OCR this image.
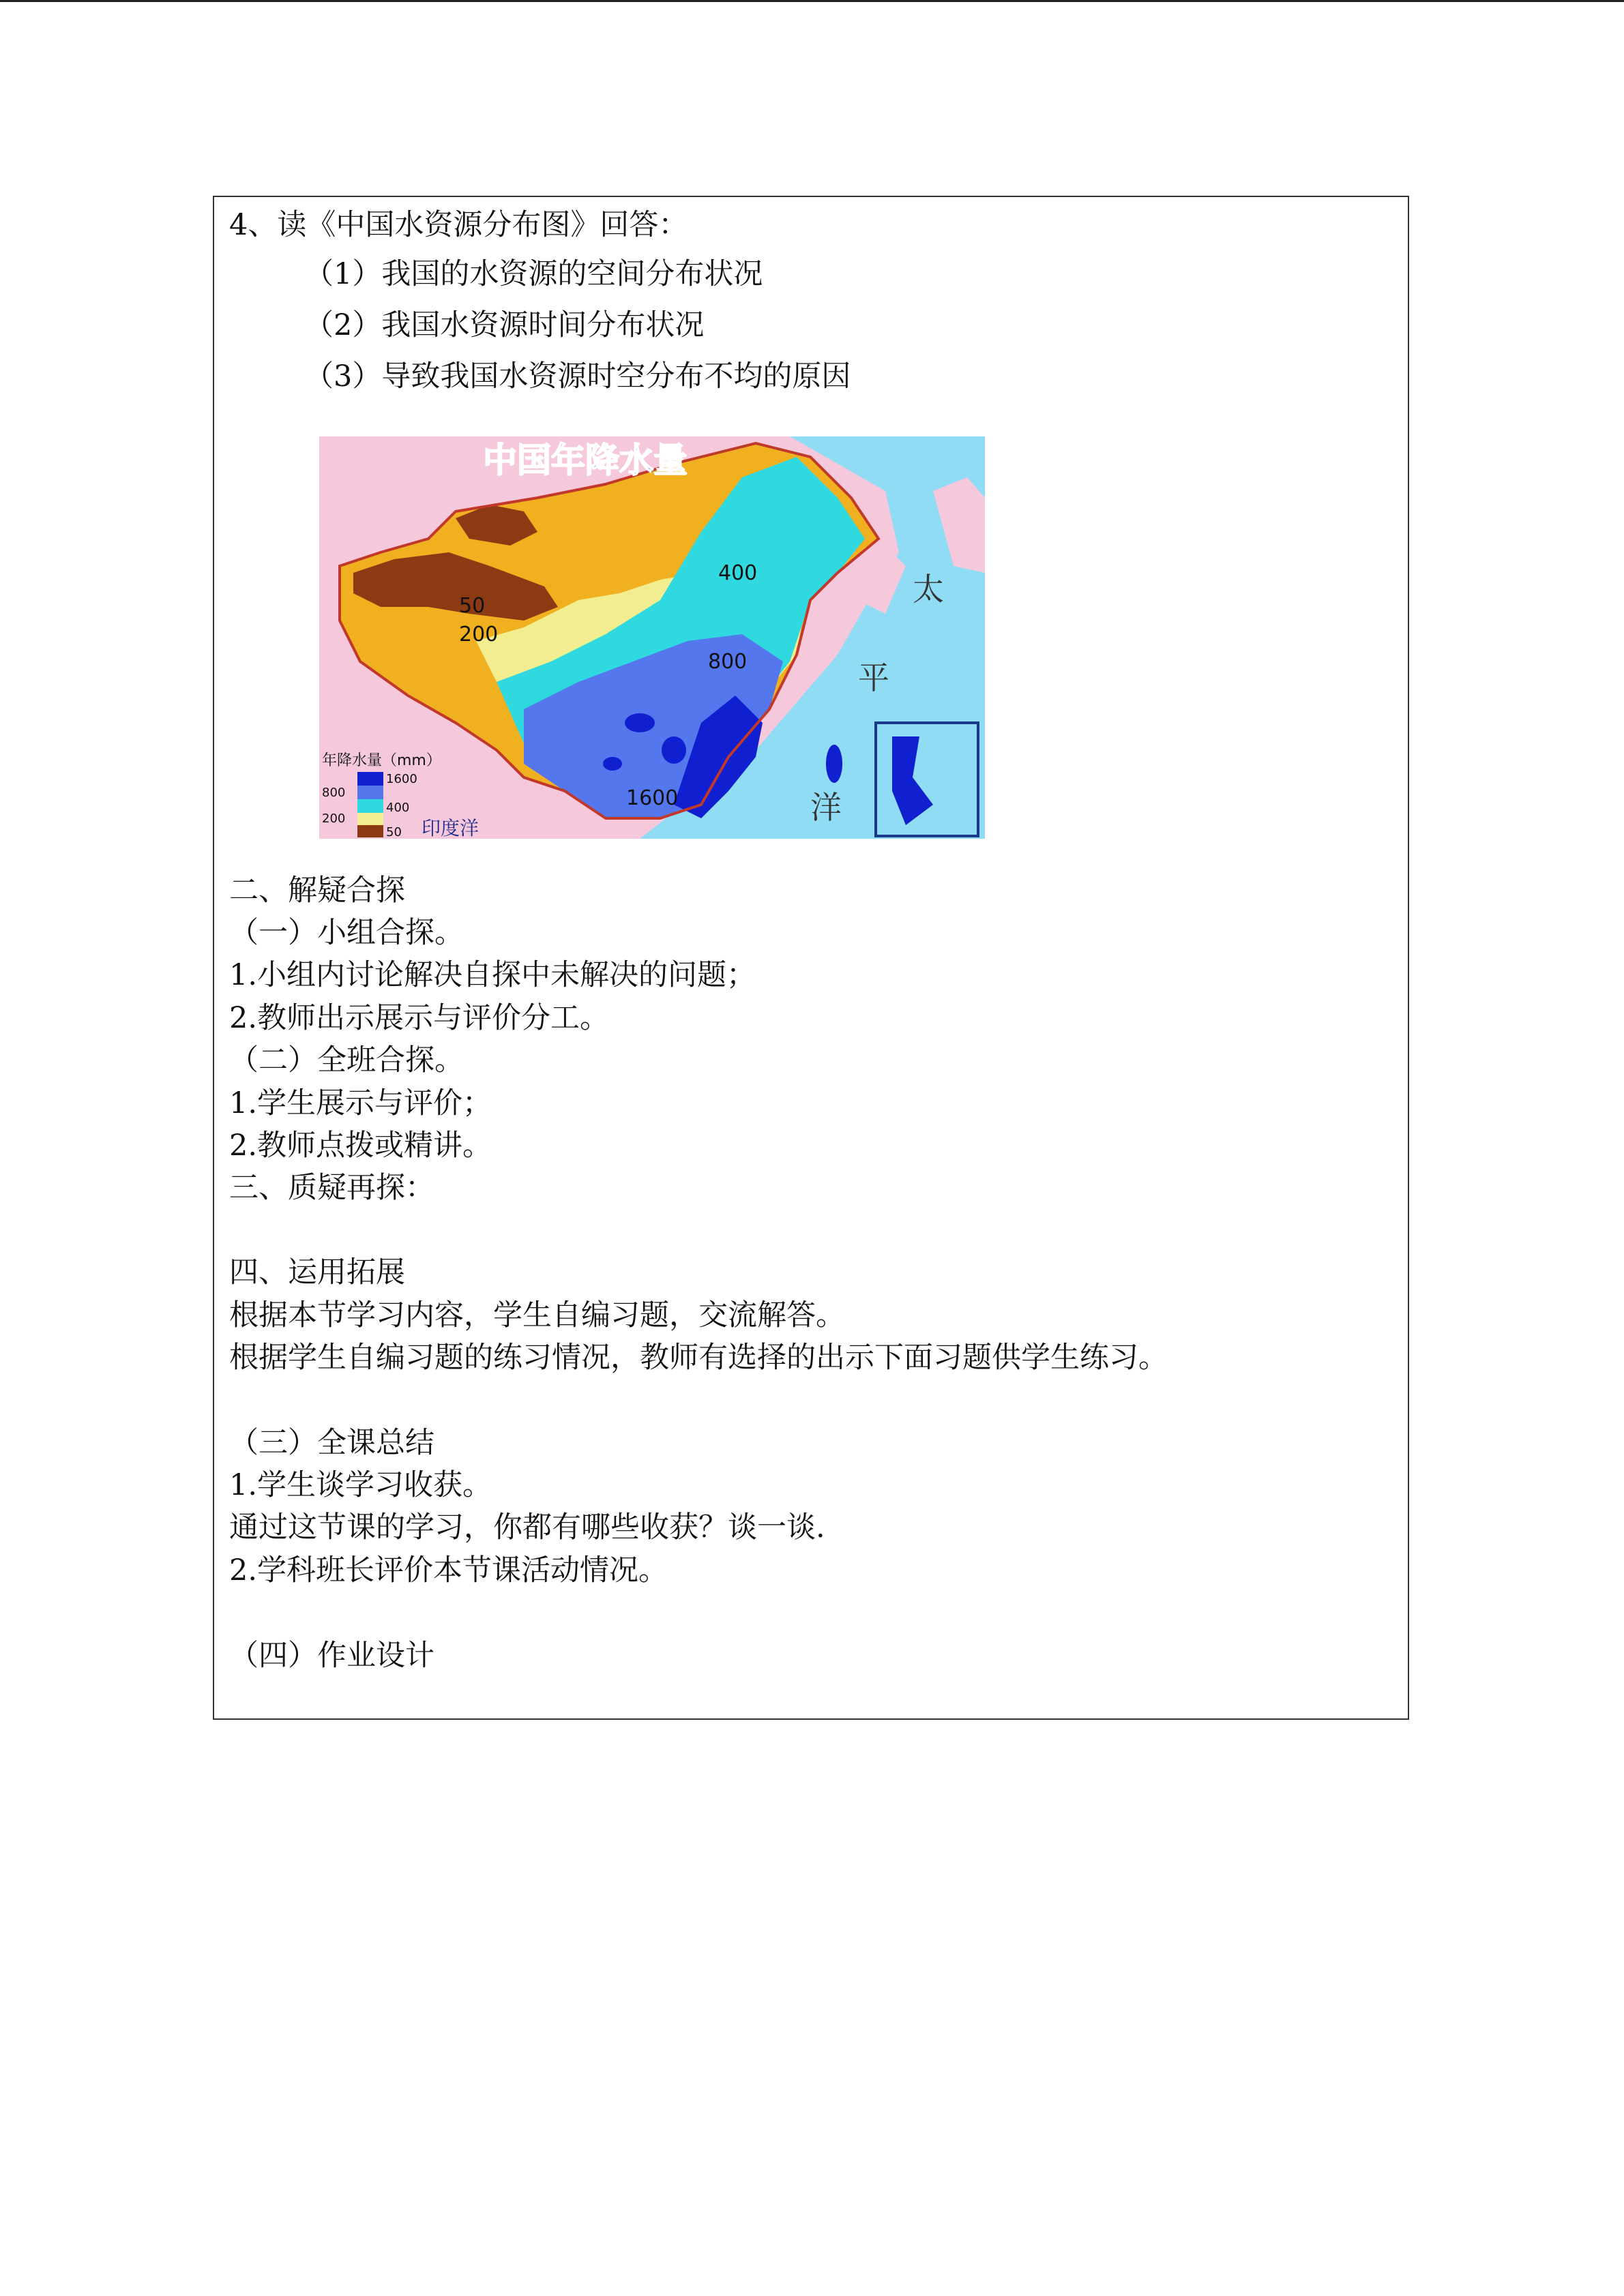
4、读《中国水资源分布图》回答：
（1）我国的水资源的空间分布状况
（2）我国水资源时间分布状况
（3）导致我国水资源时空分布不均的原因
中国年降水量
50
200
400
800
1600
太
平
洋
印度洋
年降水量（mm）
1600
800
400
200
50
二、解疑合探
（一）小组合探。
1.小组内讨论解决自探中未解决的问题；
2.教师出示展示与评价分工。
（二）全班合探。
1.学生展示与评价；
2.教师点拨或精讲。
三、质疑再探：
四、运用拓展
根据本节学习内容，学生自编习题，交流解答。
根据学生自编习题的练习情况，教师有选择的出示下面习题供学生练习。
（三）全课总结
1.学生谈学习收获。
通过这节课的学习，你都有哪些收获？谈一谈.
2.学科班长评价本节课活动情况。
（四）作业设计
